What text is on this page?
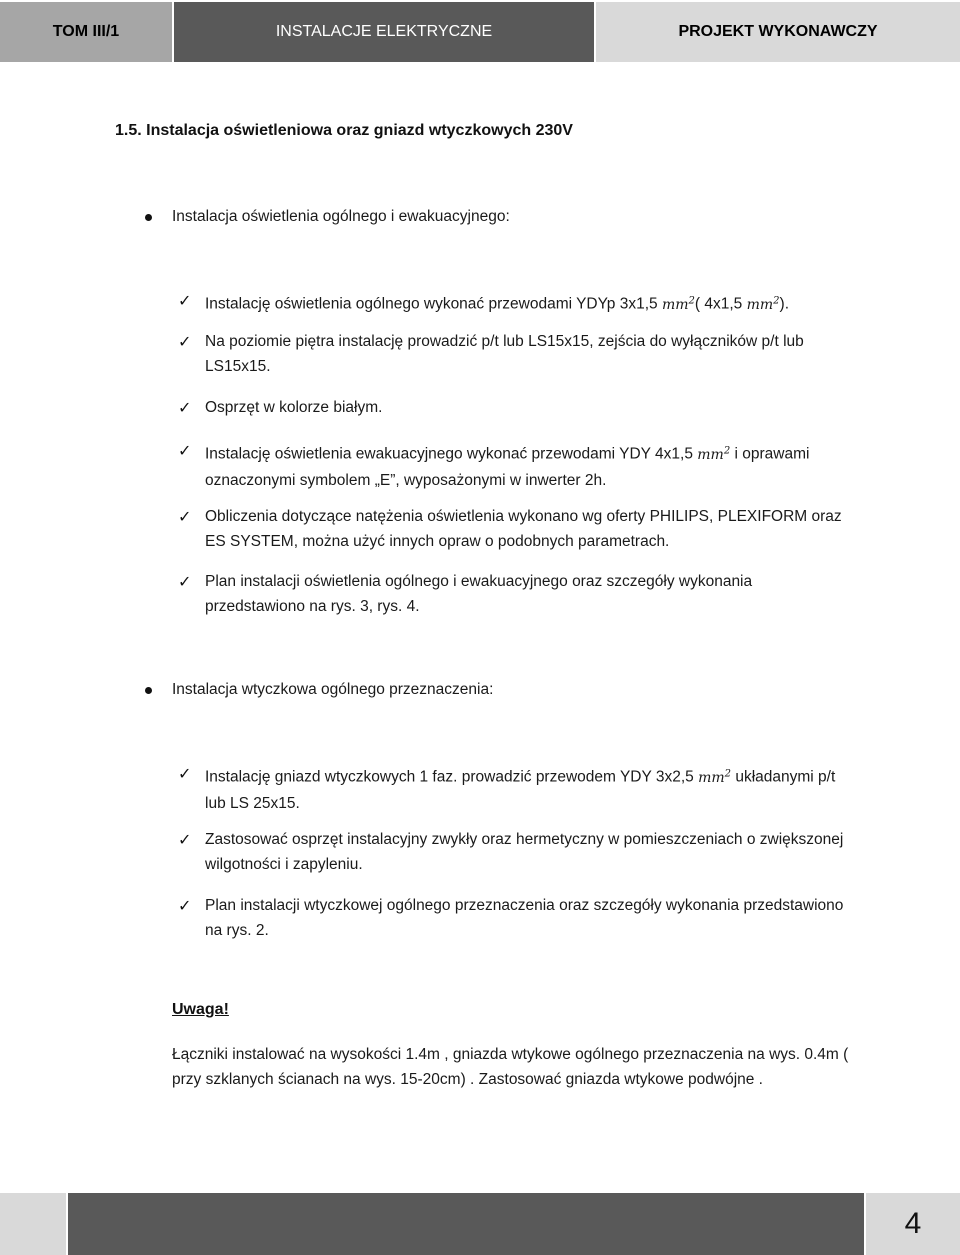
TOM III/1	INSTALACJE ELEKTRYCZNE	PROJEKT WYKONAWCZY
1.5. Instalacja oświetleniowa oraz gniazd wtyczkowych 230V
Instalacja oświetlenia ogólnego i ewakuacyjnego:
✓ Instalację oświetlenia ogólnego wykonać przewodami YDYp 3x1,5 $mm^2$( 4x1,5 $mm^2$).
✓ Na poziomie piętra instalację prowadzić p/t lub LS15x15, zejścia do wyłączników p/t lub LS15x15.
✓ Osprzęt w kolorze białym.
✓ Instalację oświetlenia ewakuacyjnego wykonać przewodami YDY 4x1,5 $mm^2$ i oprawami oznaczonymi symbolem „E”, wyposażonymi w inwerter 2h.
✓ Obliczenia dotyczące natężenia oświetlenia wykonano wg oferty PHILIPS, PLEXIFORM oraz ES SYSTEM, można użyć innych opraw o podobnych parametrach.
✓ Plan instalacji oświetlenia ogólnego i ewakuacyjnego oraz szczegóły wykonania przedstawiono na rys. 3, rys. 4.
Instalacja wtyczkowa ogólnego przeznaczenia:
✓ Instalację gniazd wtyczkowych 1 faz. prowadzić przewodem YDY 3x2,5 $mm^2$ układanymi p/t lub LS 25x15.
✓ Zastosować osprzęt instalacyjny zwykły oraz hermetyczny w pomieszczeniach o zwiększonej wilgotności i zapyleniu.
✓ Plan instalacji wtyczkowej ogólnego przeznaczenia oraz szczegóły wykonania przedstawiono na rys. 2.
Uwaga!
Łączniki instalować na wysokości 1.4m , gniazda wtykowe ogólnego przeznaczenia na wys. 0.4m ( przy szklanych ścianach na wys. 15-20cm) . Zastosować gniazda wtykowe podwójne .
4
